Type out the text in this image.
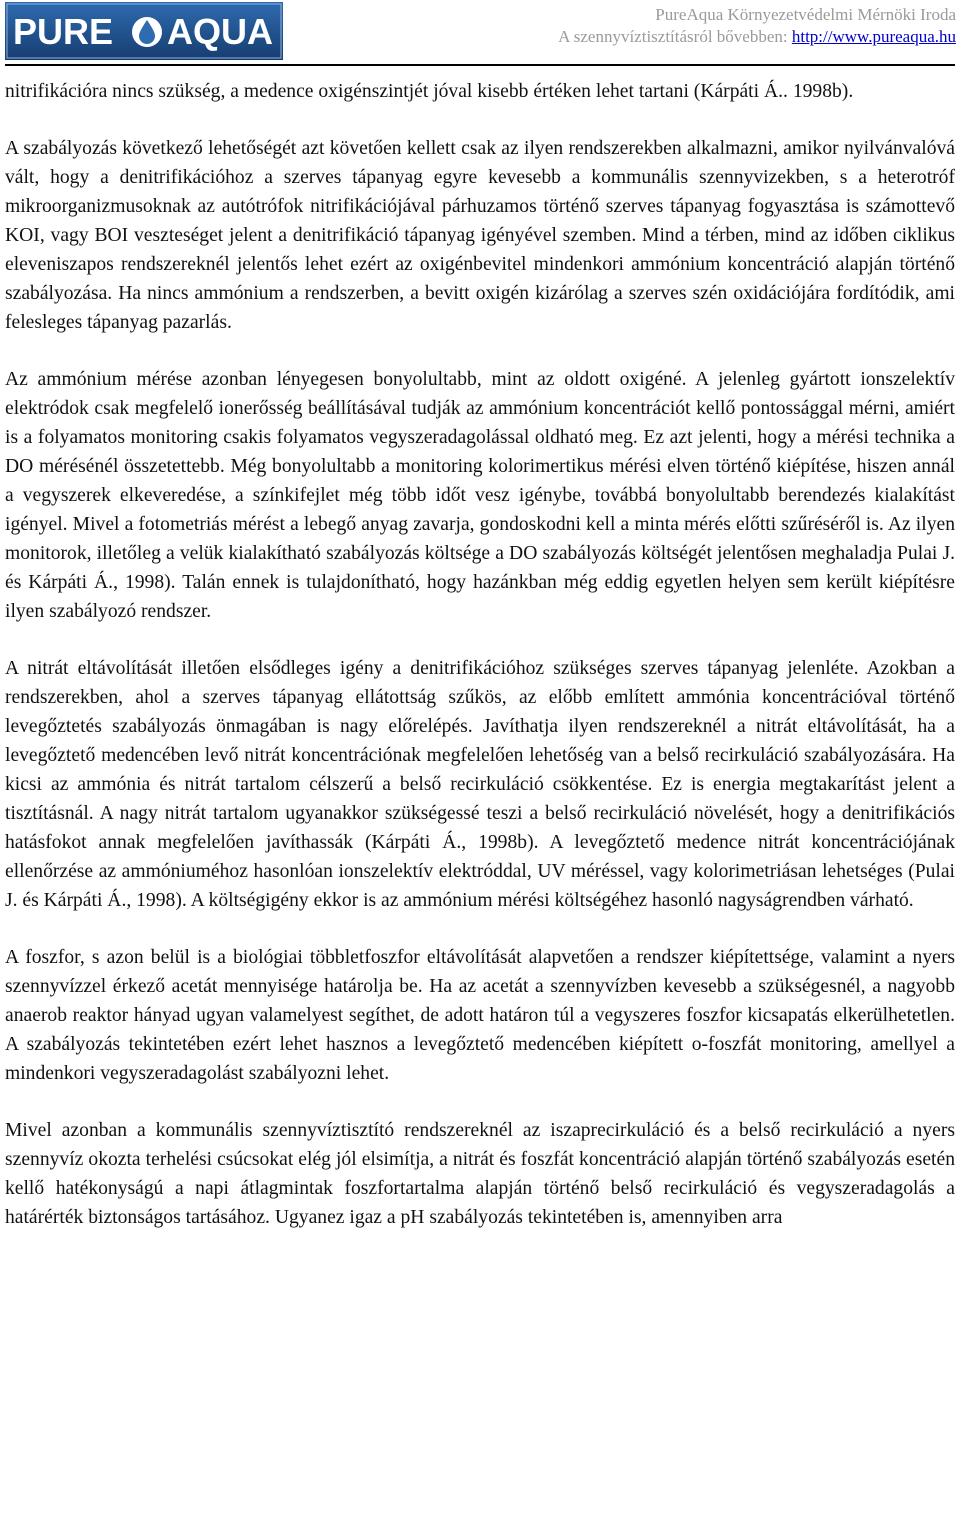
PURE AQUA	PureAqua Környezetvédelmi Mérnöki Iroda
A szennyvíztisztításról bővebben: http://www.pureaqua.hu

nitrifikációra nincs szükség, a medence oxigénszintjét jóval kisebb értéken lehet tartani (Kárpáti Á.. 1998b).

A szabályozás következő lehetőségét azt követően kellett csak az ilyen rendszerekben alkalmazni, amikor nyilvánvalóvá vált, hogy a denitrifikációhoz a szerves tápanyag egyre kevesebb a kommunális szennyvizekben, s a heterotróf mikroorganizmusoknak az autótrófok nitrifikációjával párhuzamos történő szerves tápanyag fogyasztása is számottevő KOI, vagy BOI veszteséget jelent a denitrifikáció tápanyag igényével szemben. Mind a térben, mind az időben ciklikus eleveniszapos rendszereknél jelentős lehet ezért az oxigénbevitel mindenkori ammónium koncentráció alapján történő szabályozása. Ha nincs ammónium a rendszerben, a bevitt oxigén kizárólag a szerves szén oxidációjára fordítódik, ami felesleges tápanyag pazarlás.

Az ammónium mérése azonban lényegesen bonyolultabb, mint az oldott oxigéné. A jelenleg gyártott ionszelektív elektródok csak megfelelő ionerősség beállításával tudják az ammónium koncentrációt kellő pontossággal mérni, amiért is a folyamatos monitoring csakis folyamatos vegyszeradagolással oldható meg. Ez azt jelenti, hogy a mérési technika a DO mérésénél összetettebb. Még bonyolultabb a monitoring kolorimertikus mérési elven történő kiépítése, hiszen annál a vegyszerek elkeveredése, a színkifejlet még több időt vesz igénybe, továbbá bonyolultabb berendezés kialakítást igényel. Mivel a fotometriás mérést a lebegő anyag zavarja, gondoskodni kell a minta mérés előtti szűréséről is. Az ilyen monitorok, illetőleg a velük kialakítható szabályozás költsége a DO szabályozás költségét jelentősen meghaladja Pulai J. és Kárpáti Á., 1998). Talán ennek is tulajdonítható, hogy hazánkban még eddig egyetlen helyen sem került kiépítésre ilyen szabályozó rendszer.

A nitrát eltávolítását illetően elsődleges igény a denitrifikációhoz szükséges szerves tápanyag jelenléte. Azokban a rendszerekben, ahol a szerves tápanyag ellátottság szűkös, az előbb említett ammónia koncentrációval történő levegőztetés szabályozás önmagában is nagy előrelépés. Javíthatja ilyen rendszereknél a nitrát eltávolítását, ha a levegőztető medencében levő nitrát koncentrációnak megfelelően lehetőség van a belső recirkuláció szabályozására. Ha kicsi az ammónia és nitrát tartalom célszerű a belső recirkuláció csökkentése. Ez is energia megtakarítást jelent a tisztításnál. A nagy nitrát tartalom ugyanakkor szükségessé teszi a belső recirkuláció növelését, hogy a denitrifikációs hatásfokot annak megfelelően javíthassák (Kárpáti Á., 1998b). A levegőztető medence nitrát koncentrációjának ellenőrzése az ammóniuméhoz hasonlóan ionszelektív elektróddal, UV méréssel, vagy kolorimetriásan lehetséges (Pulai J. és Kárpáti Á., 1998). A költségigény ekkor is az ammónium mérési költségéhez hasonló nagyságrendben várható.

A foszfor, s azon belül is a biológiai többletfoszfor eltávolítását alapvetően a rendszer kiépítettsége, valamint a nyers szennyvízzel érkező acetát mennyisége határolja be. Ha az acetát a szennyvízben kevesebb a szükségesnél, a nagyobb anaerob reaktor hányad ugyan valamelyest segíthet, de adott határon túl a vegyszeres foszfor kicsapatás elkerülhetetlen. A szabályozás tekintetében ezért lehet hasznos a levegőztető medencében kiépített o-foszfát monitoring, amellyel a mindenkori vegyszeradagolást szabályozni lehet.

Mivel azonban a kommunális szennyvíztisztító rendszereknél az iszaprecirkuláció és a belső recirkuláció a nyers szennyvíz okozta terhelési csúcsokat elég jól elsimítja, a nitrát és foszfát koncentráció alapján történő szabályozás esetén kellő hatékonyságú a napi átlagmintak foszfortartalma alapján történő belső recirkuláció és vegyszeradagolás a határérték biztonságos tartásához. Ugyanez igaz a pH szabályozás tekintetében is, amennyiben arra
